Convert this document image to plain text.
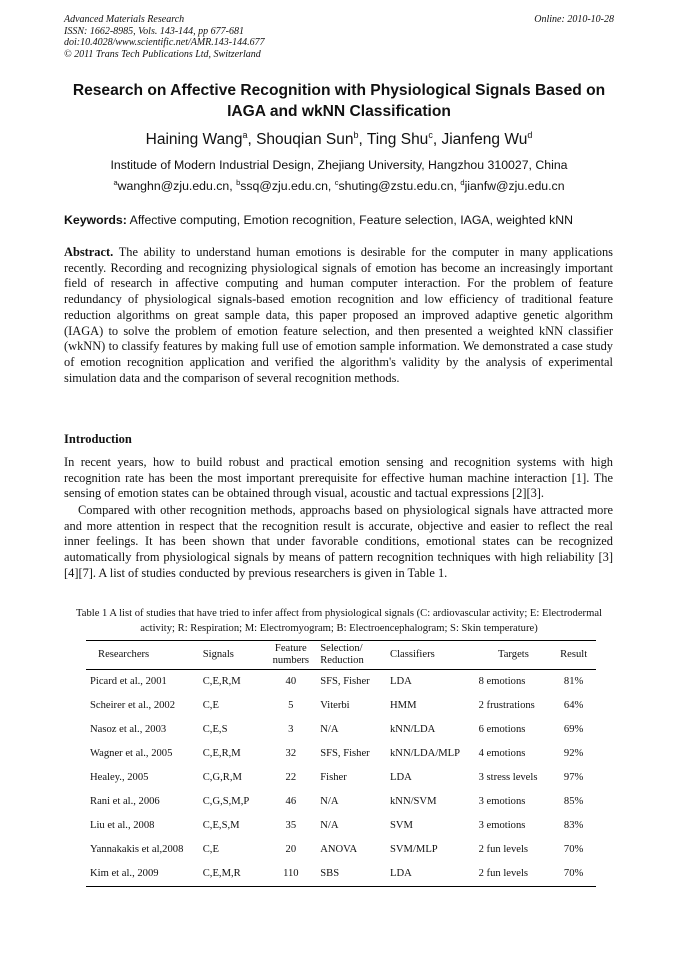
Advanced Materials Research
ISSN: 1662-8985, Vols. 143-144, pp 677-681
doi:10.4028/www.scientific.net/AMR.143-144.677
© 2011 Trans Tech Publications Ltd, Switzerland
Online: 2010-10-28
Research on Affective Recognition with Physiological Signals Based on
IAGA and wkNN Classification
Haining Wang$^a$, Shouqian Sun$^b$, Ting Shu$^c$, Jianfeng Wu$^d$
Institude of Modern Industrial Design, Zhejiang University, Hangzhou 310027, China
$^a$wanghn@zju.edu.cn, $^b$ssq@zju.edu.cn, $^c$shuting@zstu.edu.cn, $^d$jianfw@zju.edu.cn
Keywords: Affective computing, Emotion recognition, Feature selection, IAGA, weighted kNN
Abstract. The ability to understand human emotions is desirable for the computer in many applications recently. Recording and recognizing physiological signals of emotion has become an increasingly important field of research in affective computing and human computer interaction. For the problem of feature redundancy of physiological signals-based emotion recognition and low efficiency of traditional feature reduction algorithms on great sample data, this paper proposed an improved adaptive genetic algorithm (IAGA) to solve the problem of emotion feature selection, and then presented a weighted kNN classifier (wkNN) to classify features by making full use of emotion sample information. We demonstrated a case study of emotion recognition application and verified the algorithm's validity by the analysis of experimental simulation data and the comparison of several recognition methods.
Introduction
In recent years, how to build robust and practical emotion sensing and recognition systems with high recognition rate has been the most important prerequisite for effective human machine interaction [1]. The sensing of emotion states can be obtained through visual, acoustic and tactual expressions [2][3].
Compared with other recognition methods, approachs based on physiological signals have attracted more and more attention in respect that the recognition result is accurate, objective and easier to reflect the real inner feelings. It has been shown that under favorable conditions, emotional states can be recognized automatically from physiological signals by means of pattern recognition techniques with high reliability [3][4][7]. A list of studies conducted by previous researchers is given in Table 1.
Table 1 A list of studies that have tried to infer affect from physiological signals (C: ardiovascular activity; E: Electrodermal activity; R: Respiration; M: Electromyogram; B: Electroencephalogram; S: Skin temperature)
Researchers	Signals	Feature numbers	Selection/ Reduction	Classifiers	Targets	Result
Picard et al., 2001	C,E,R,M	40	SFS, Fisher	LDA	8 emotions	81%
Scheirer et al., 2002	C,E	5	Viterbi	HMM	2 frustrations	64%
Nasoz et al., 2003	C,E,S	3	N/A	kNN/LDA	6 emotions	69%
Wagner et al., 2005	C,E,R,M	32	SFS, Fisher	kNN/LDA/MLP	4 emotions	92%
Healey., 2005	C,G,R,M	22	Fisher	LDA	3 stress levels	97%
Rani et al., 2006	C,G,S,M,P	46	N/A	kNN/SVM	3 emotions	85%
Liu et al., 2008	C,E,S,M	35	N/A	SVM	3 emotions	83%
Yannakakis et al,2008	C,E	20	ANOVA	SVM/MLP	2 fun levels	70%
Kim et al., 2009	C,E,M,R	110	SBS	LDA	2 fun levels	70%
